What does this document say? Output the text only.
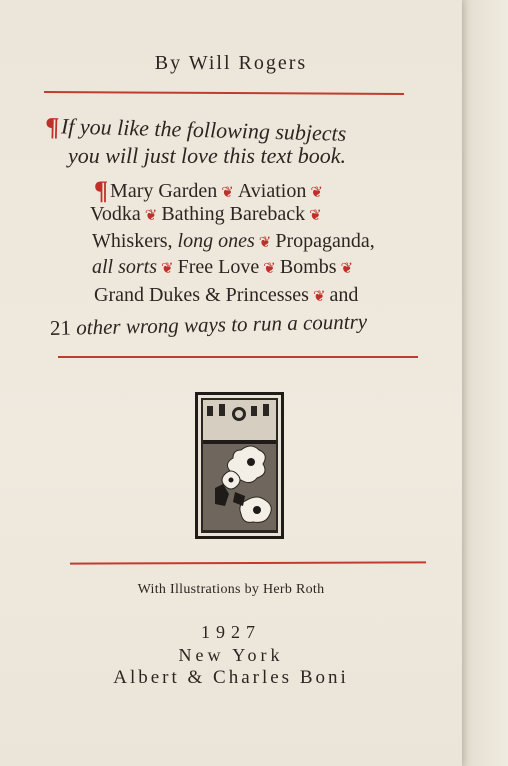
By Will Rogers
¶If you like the following subjects
you will just love this text book.
¶ Mary Garden ❦ Aviation ❦
Vodka ❦ Bathing Bareback ❦
Whiskers, long ones ❦ Propaganda,
all sorts ❦ Free Love ❦ Bombs ❦
Grand Dukes & Princesses ❦ and
21 other wrong ways to run a country
With Illustrations by Herb Roth
1927
New York
Albert & Charles Boni
